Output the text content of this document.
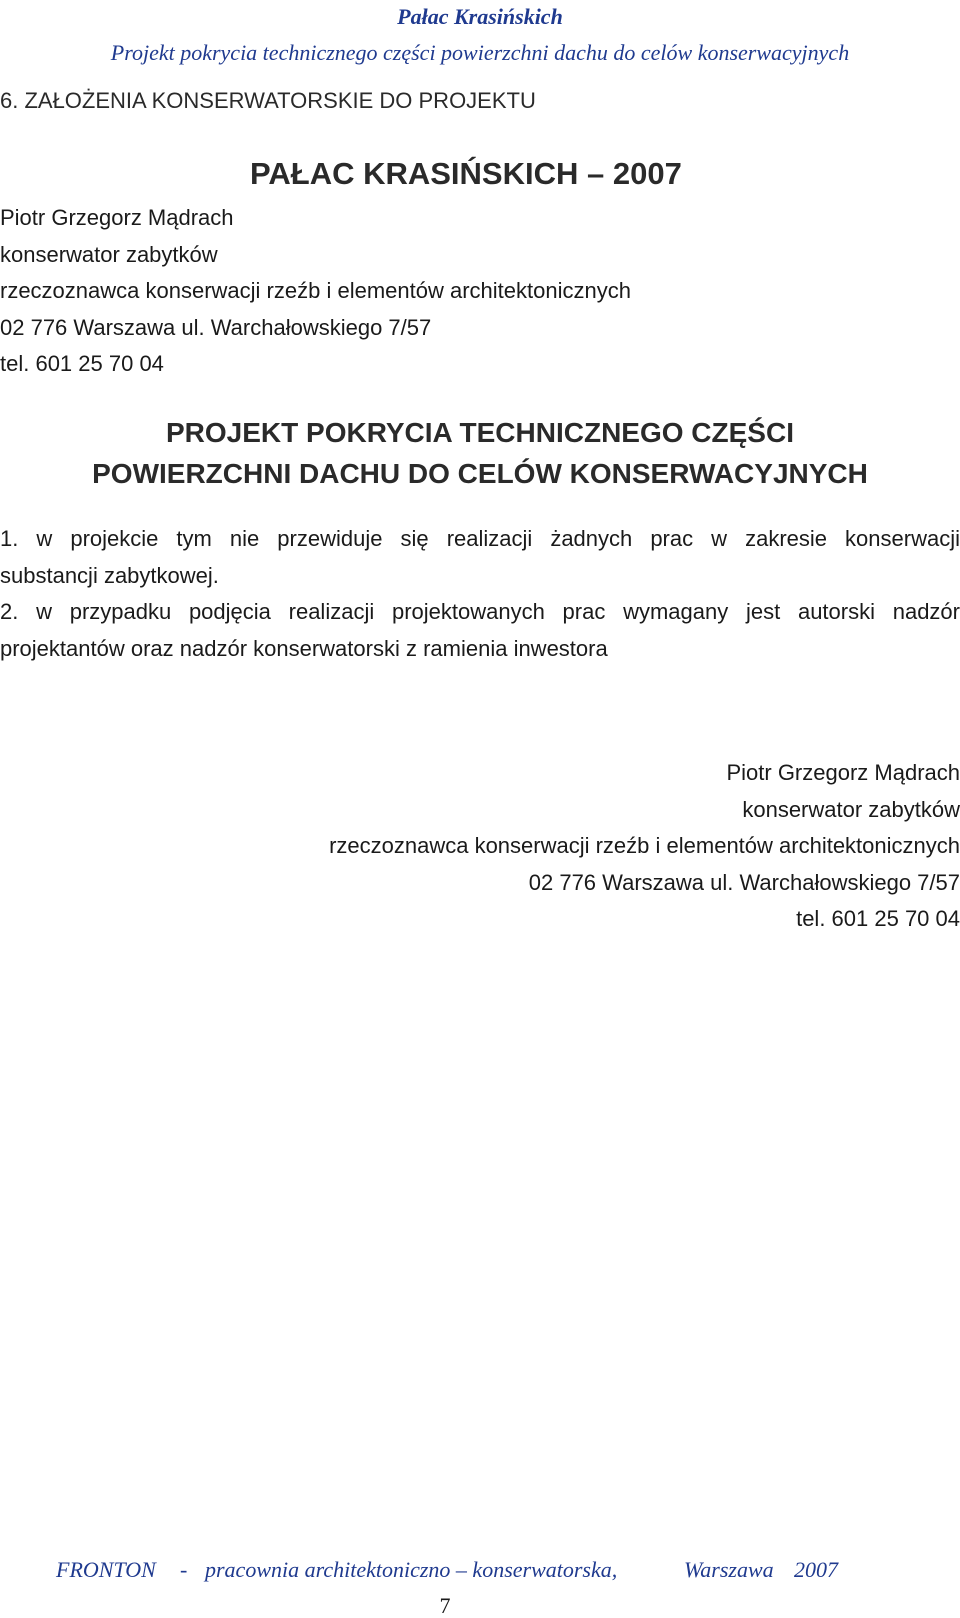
Pałac Krasińskich
Projekt pokrycia technicznego części powierzchni dachu do celów konserwacyjnych
6. ZAŁOŻENIA KONSERWATORSKIE DO PROJEKTU
PAŁAC KRASIŃSKICH – 2007
Piotr Grzegorz Mądrach
konserwator zabytków
rzeczoznawca konserwacji rzeźb i elementów architektonicznych
02 776 Warszawa ul. Warchałowskiego 7/57
tel. 601 25 70 04
PROJEKT POKRYCIA TECHNICZNEGO CZĘŚCI
POWIERZCHNI DACHU DO CELÓW KONSERWACYJNYCH
1. w projekcie tym nie przewiduje się realizacji żadnych prac w zakresie konserwacji
substancji zabytkowej.
2. w przypadku podjęcia realizacji projektowanych prac wymagany jest autorski nadzór
projektantów oraz nadzór konserwatorski z ramienia inwestora
Piotr Grzegorz Mądrach
konserwator zabytków
rzeczoznawca konserwacji rzeźb i elementów architektonicznych
02 776 Warszawa ul. Warchałowskiego 7/57
tel. 601 25 70 04
FRONTON - pracownia architektoniczno – konserwatorska,	Warszawa 2007
7
